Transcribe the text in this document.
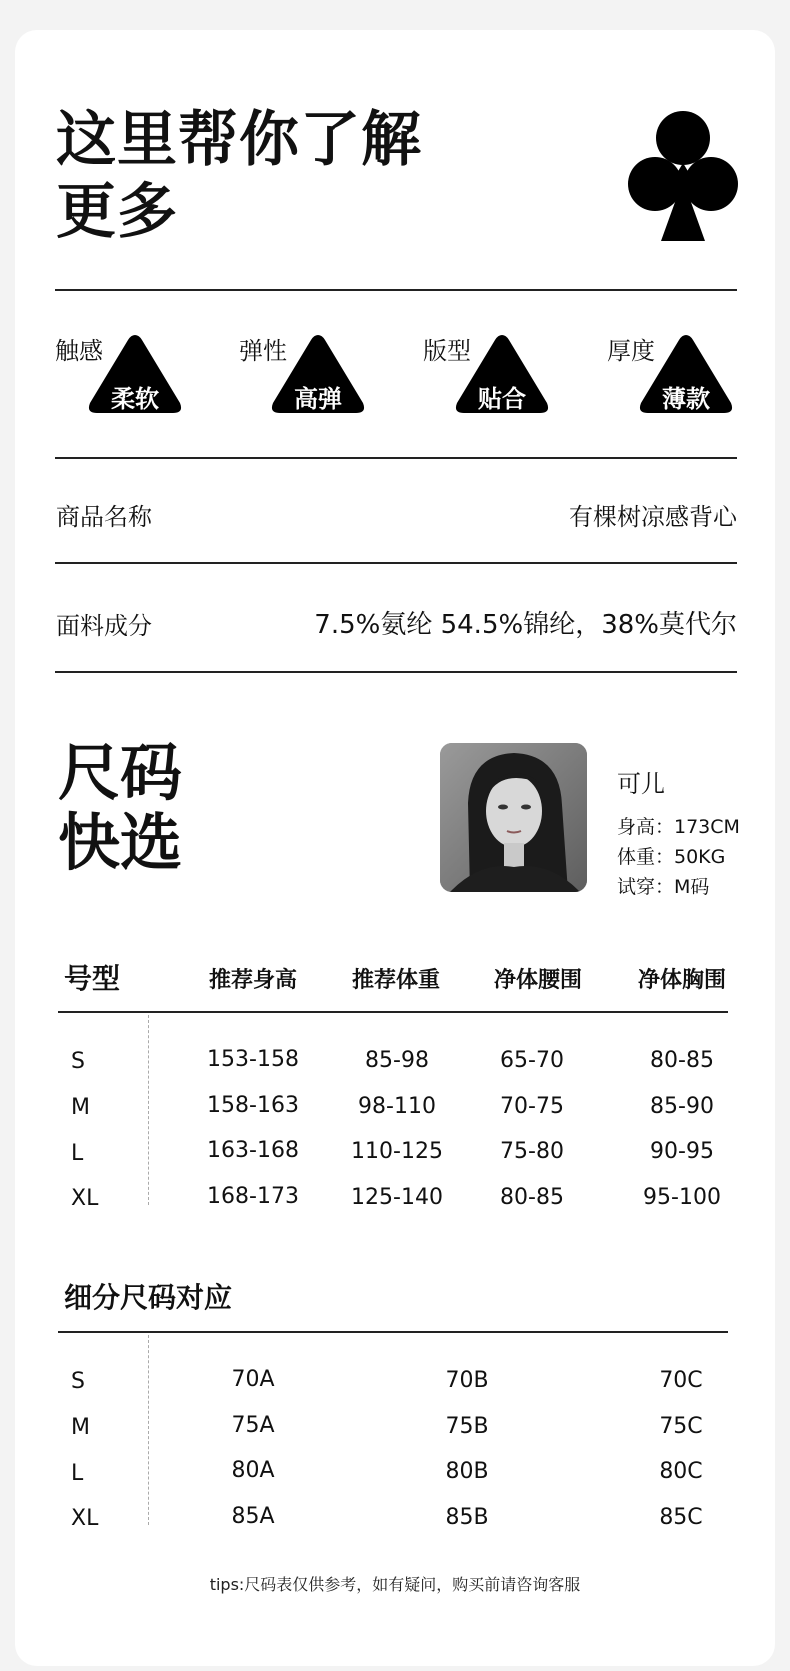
这里帮你了解
更多
触感
柔软
弹性
高弹
版型
贴合
厚度
薄款
商品名称	有棵树凉感背心
面料成分	7.5%氨纶 54.5%锦纶，38%莫代尔
尺码
快选
可儿
身高：173CM
体重：50KG
试穿：M码
号型	推荐身高	推荐体重	净体腰围	净体胸围
S	153-158	85-98	65-70	80-85
M	158-163	98-110	70-75	85-90
L	163-168	110-125	75-80	90-95
XL	168-173	125-140	80-85	95-100
细分尺码对应
S	70A	70B	70C
M	75A	75B	75C
L	80A	80B	80C
XL	85A	85B	85C
tips:尺码表仅供参考，如有疑问，购买前请咨询客服
